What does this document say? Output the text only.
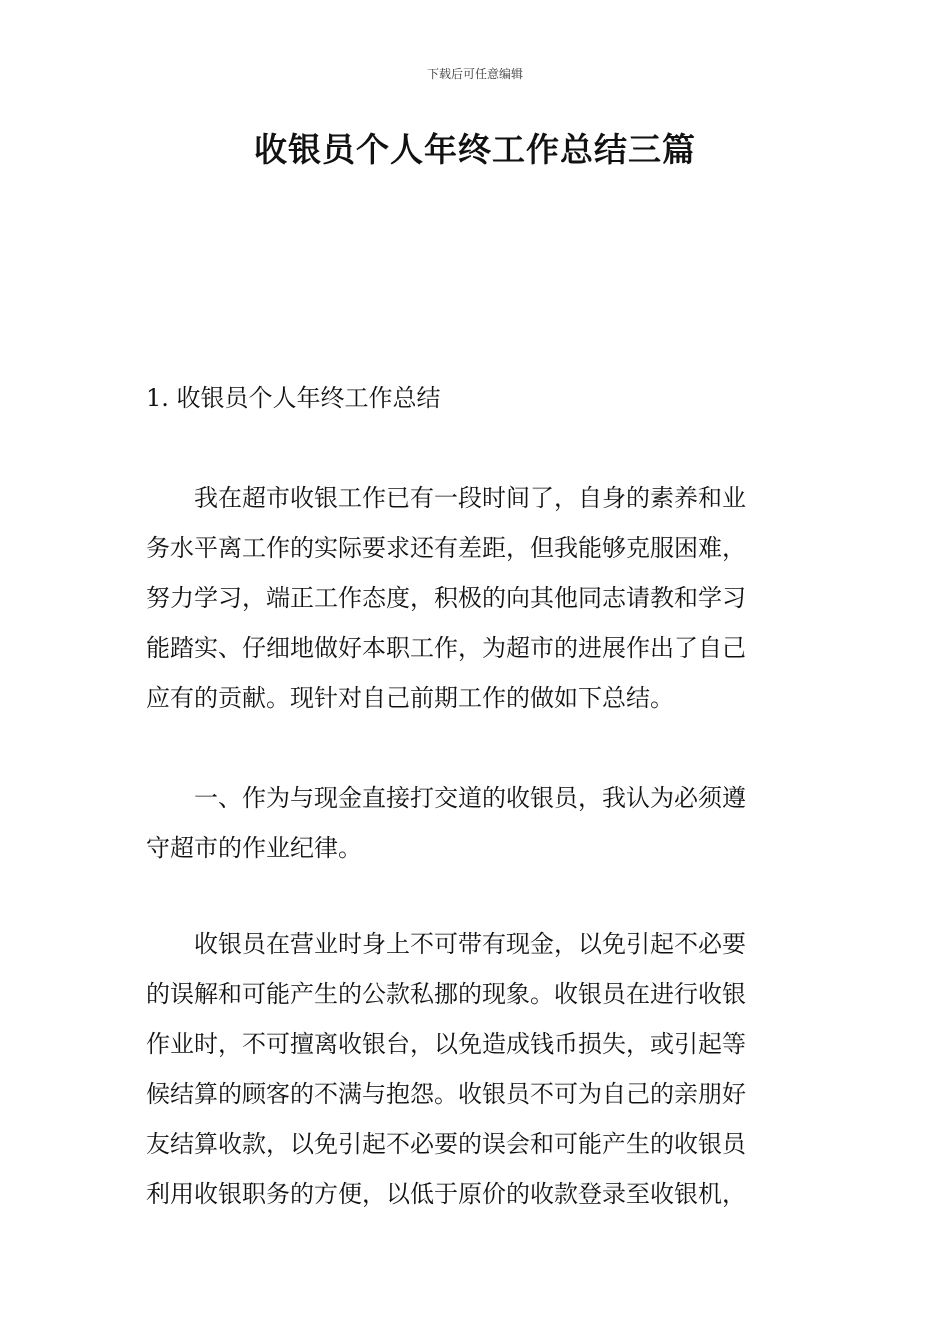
下载后可任意编辑
收银员个人年终工作总结三篇
1. 收银员个人年终工作总结

我在超市收银工作已有一段时间了，自身的素养和业
务水平离工作的实际要求还有差距，但我能够克服困难，
努力学习，端正工作态度，积极的向其他同志请教和学习
能踏实、仔细地做好本职工作，为超市的进展作出了自己
应有的贡献。现针对自己前期工作的做如下总结。

一、作为与现金直接打交道的收银员，我认为必须遵
守超市的作业纪律。

收银员在营业时身上不可带有现金，以免引起不必要
的误解和可能产生的公款私挪的现象。收银员在进行收银
作业时，不可擅离收银台，以免造成钱币损失，或引起等
候结算的顾客的不满与抱怨。收银员不可为自己的亲朋好
友结算收款，以免引起不必要的误会和可能产生的收银员
利用收银职务的方便，以低于原价的收款登录至收银机，
